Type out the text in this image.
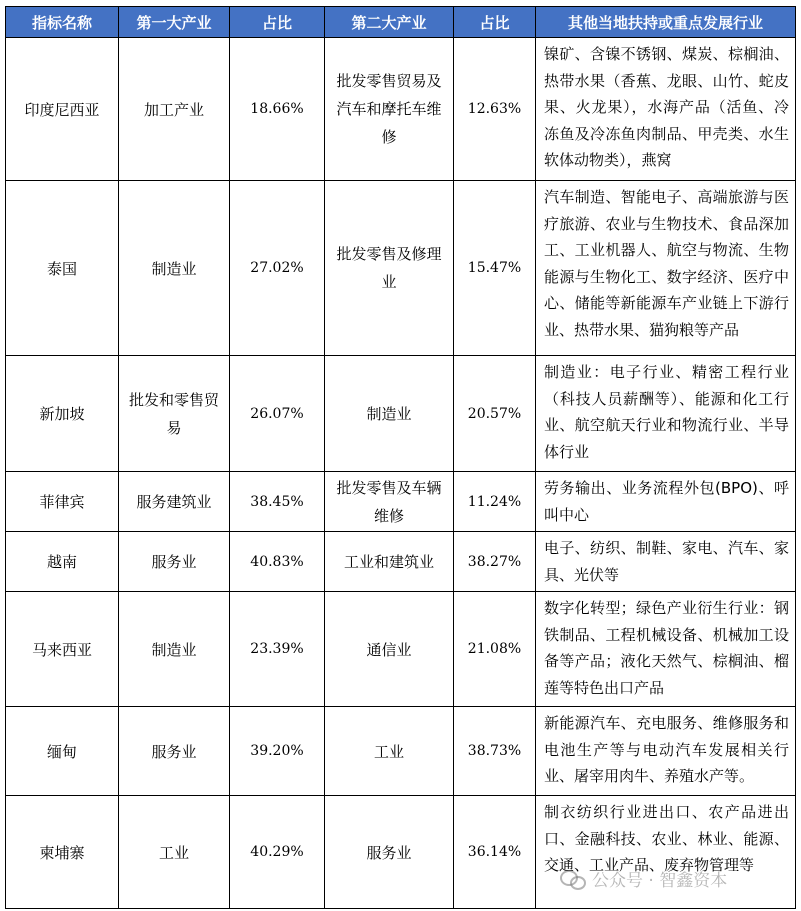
指标名称	第一大产业	占比	第二大产业	占比	其他当地扶持或重点发展行业
印度尼西亚	加工产业	18.66%	批发零售贸易及汽车和摩托车维修	12.63%	镍矿、含镍不锈钢、煤炭、棕榈油、热带水果（香蕉、龙眼、山竹、蛇皮果、火龙果），水海产品（活鱼、冷冻鱼及冷冻鱼肉制品、甲壳类、水生软体动物类），燕窝
泰国	制造业	27.02%	批发零售及修理业	15.47%	汽车制造、智能电子、高端旅游与医疗旅游、农业与生物技术、食品深加工、工业机器人、航空与物流、生物能源与生物化工、数字经济、医疗中心、储能等新能源车产业链上下游行业、热带水果、猫狗粮等产品
新加坡	批发和零售贸易	26.07%	制造业	20.57%	制造业：电子行业、精密工程行业（科技人员薪酬等）、能源和化工行业、航空航天行业和物流行业、半导体行业
菲律宾	服务建筑业	38.45%	批发零售及车辆维修	11.24%	劳务输出、业务流程外包(BPO)、呼叫中心
越南	服务业	40.83%	工业和建筑业	38.27%	电子、纺织、制鞋、家电、汽车、家具、光伏等
马来西亚	制造业	23.39%	通信业	21.08%	数字化转型；绿色产业衍生行业：钢铁制品、工程机械设备、机械加工设备等产品；液化天然气、棕榈油、榴莲等特色出口产品
缅甸	服务业	39.20%	工业	38.73%	新能源汽车、充电服务、维修服务和电池生产等与电动汽车发展相关行业、屠宰用肉牛、养殖水产等。
柬埔寨	工业	40.29%	服务业	36.14%	制衣纺织行业进出口、农产品进出口、金融科技、农业、林业、能源、交通、工业产品、废弃物管理等
公众号 · 智鑫资本
